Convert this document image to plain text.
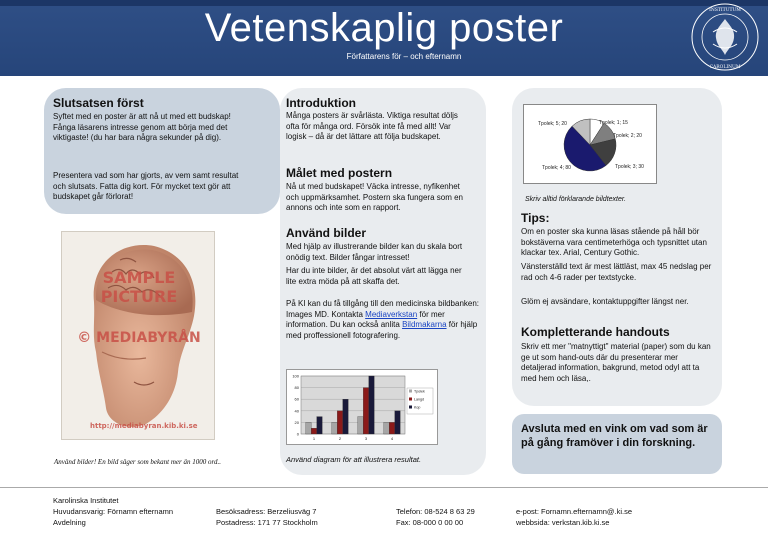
Vetenskaplig poster
Författarens för – och efternamn
INSTITUTUM
CAROLINUM
Slutsatsen först
Syftet med en poster är att nå ut med ett budskap! Fånga läsarens intresse genom att börja med det viktigaste! (du har bara några sekunder på dig).
Presentera vad som har gjorts, av vem samt resultat och slutsats. Fatta dig kort. För mycket text gör att budskapet går förlorat!
SAMPLE PICTURE
© MEDIABYRÅN
http://mediabyran.kib.ki.se
Använd bilder! En bild säger som bekant mer än 1000 ord..
Introduktion
Många posters är svårlästa. Viktiga resultat döljs ofta för många ord. Försök inte få med allt! Var logisk – då är det lättare att följa budskapet.
Målet med postern
Nå ut med budskapet! Väcka intresse, nyfikenhet och uppmärksamhet. Postern ska fungera som en annons och inte som en rapport.
Använd bilder
Med hjälp av illustrerande bilder kan du skala bort onödig text. Bilder fångar intresset!
Har du inte bilder, är det absolut värt att lägga ner lite extra möda på att skaffa det.
På KI kan du få tillgång till den medicinska bildbanken: Images MD. Kontakta Mediaverkstan för mer information. Du kan också anlita Bildmakarna för hjälp med proffessionell fotografering.
0
20
40
60
80
100
1	2	3	4
Tpolek
Langd
Kop
Använd diagram för att illustrera resultat.
Tpolek; 5; 20	Tpolek; 1; 15
Tpolek; 2; 20
Tpolek; 4; 80	Tpolek; 3; 30
Skriv alltid förklarande bildtexter.
Tips:
Om en poster ska kunna läsas stående på håll bör bokstäverna vara centimeterhöga och typsnittet utan klackar tex. Arial, Century Gothic.
Vänsterställd text är mest lättläst, max 45 nedslag per rad och 4-6 rader per textstycke.
Glöm ej avsändare, kontaktuppgifter längst ner.
Kompletterande handouts
Skriv ett mer "matnyttigt" material (paper) som du kan ge ut som hand-outs där du presenterar mer detaljerad information, bakgrund, metod odyl att ta med hem och läsa,.
Avsluta med en vink om vad som är på gång framöver i din forskning.
Karolinska Institutet
Huvudansvarig: Förnamn efternamn
Avdelning
Besöksadress: Berzeliusväg 7
Postadress: 171 77 Stockholm
Telefon: 08-524 8 63 29
Fax: 08-000 0 00 00
e-post: Fornamn.efternamn@.ki.se
webbsida: verkstan.kib.ki.se
